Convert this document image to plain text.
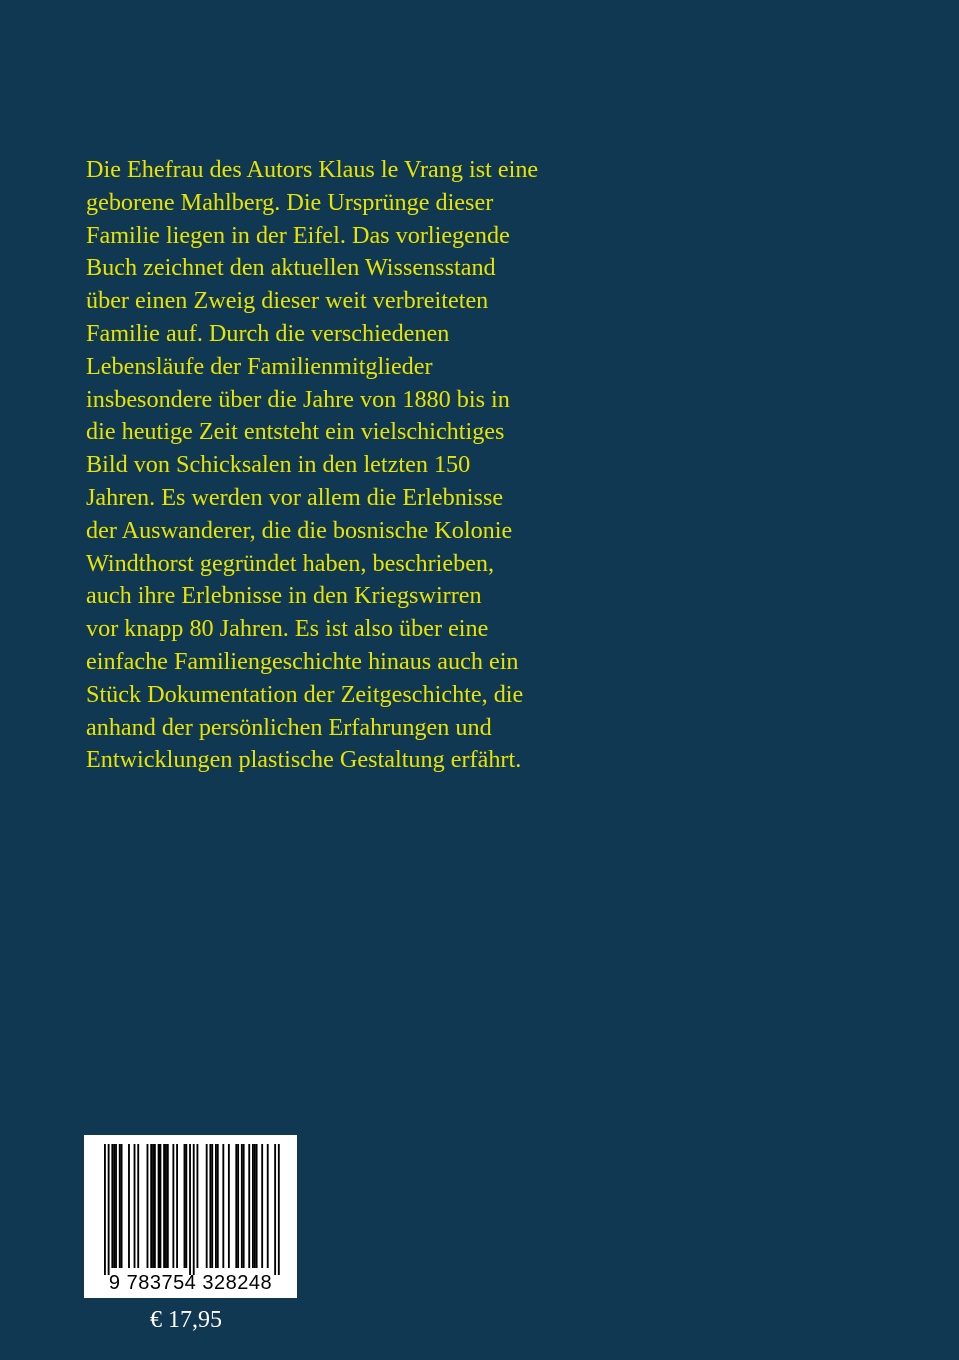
Die Ehefrau des Autors Klaus le Vrang ist eine
geborene Mahlberg. Die Ursprünge dieser
Familie liegen in der Eifel. Das vorliegende
Buch zeichnet den aktuellen Wissensstand
über einen Zweig dieser weit verbreiteten
Familie auf. Durch die verschiedenen
Lebensläufe der Familienmitglieder
insbesondere über die Jahre von 1880 bis in
die heutige Zeit entsteht ein vielschichtiges
Bild von Schicksalen in den letzten 150
Jahren. Es werden vor allem die Erlebnisse
der Auswanderer, die die bosnische Kolonie
Windthorst gegründet haben, beschrieben,
auch ihre Erlebnisse in den Kriegswirren
vor knapp 80 Jahren. Es ist also über eine
einfache Familiengeschichte hinaus auch ein
Stück Dokumentation der Zeitgeschichte, die
anhand der persönlichen Erfahrungen und
Entwicklungen plastische Gestaltung erfährt.

9 783754 328248
€ 17,95
